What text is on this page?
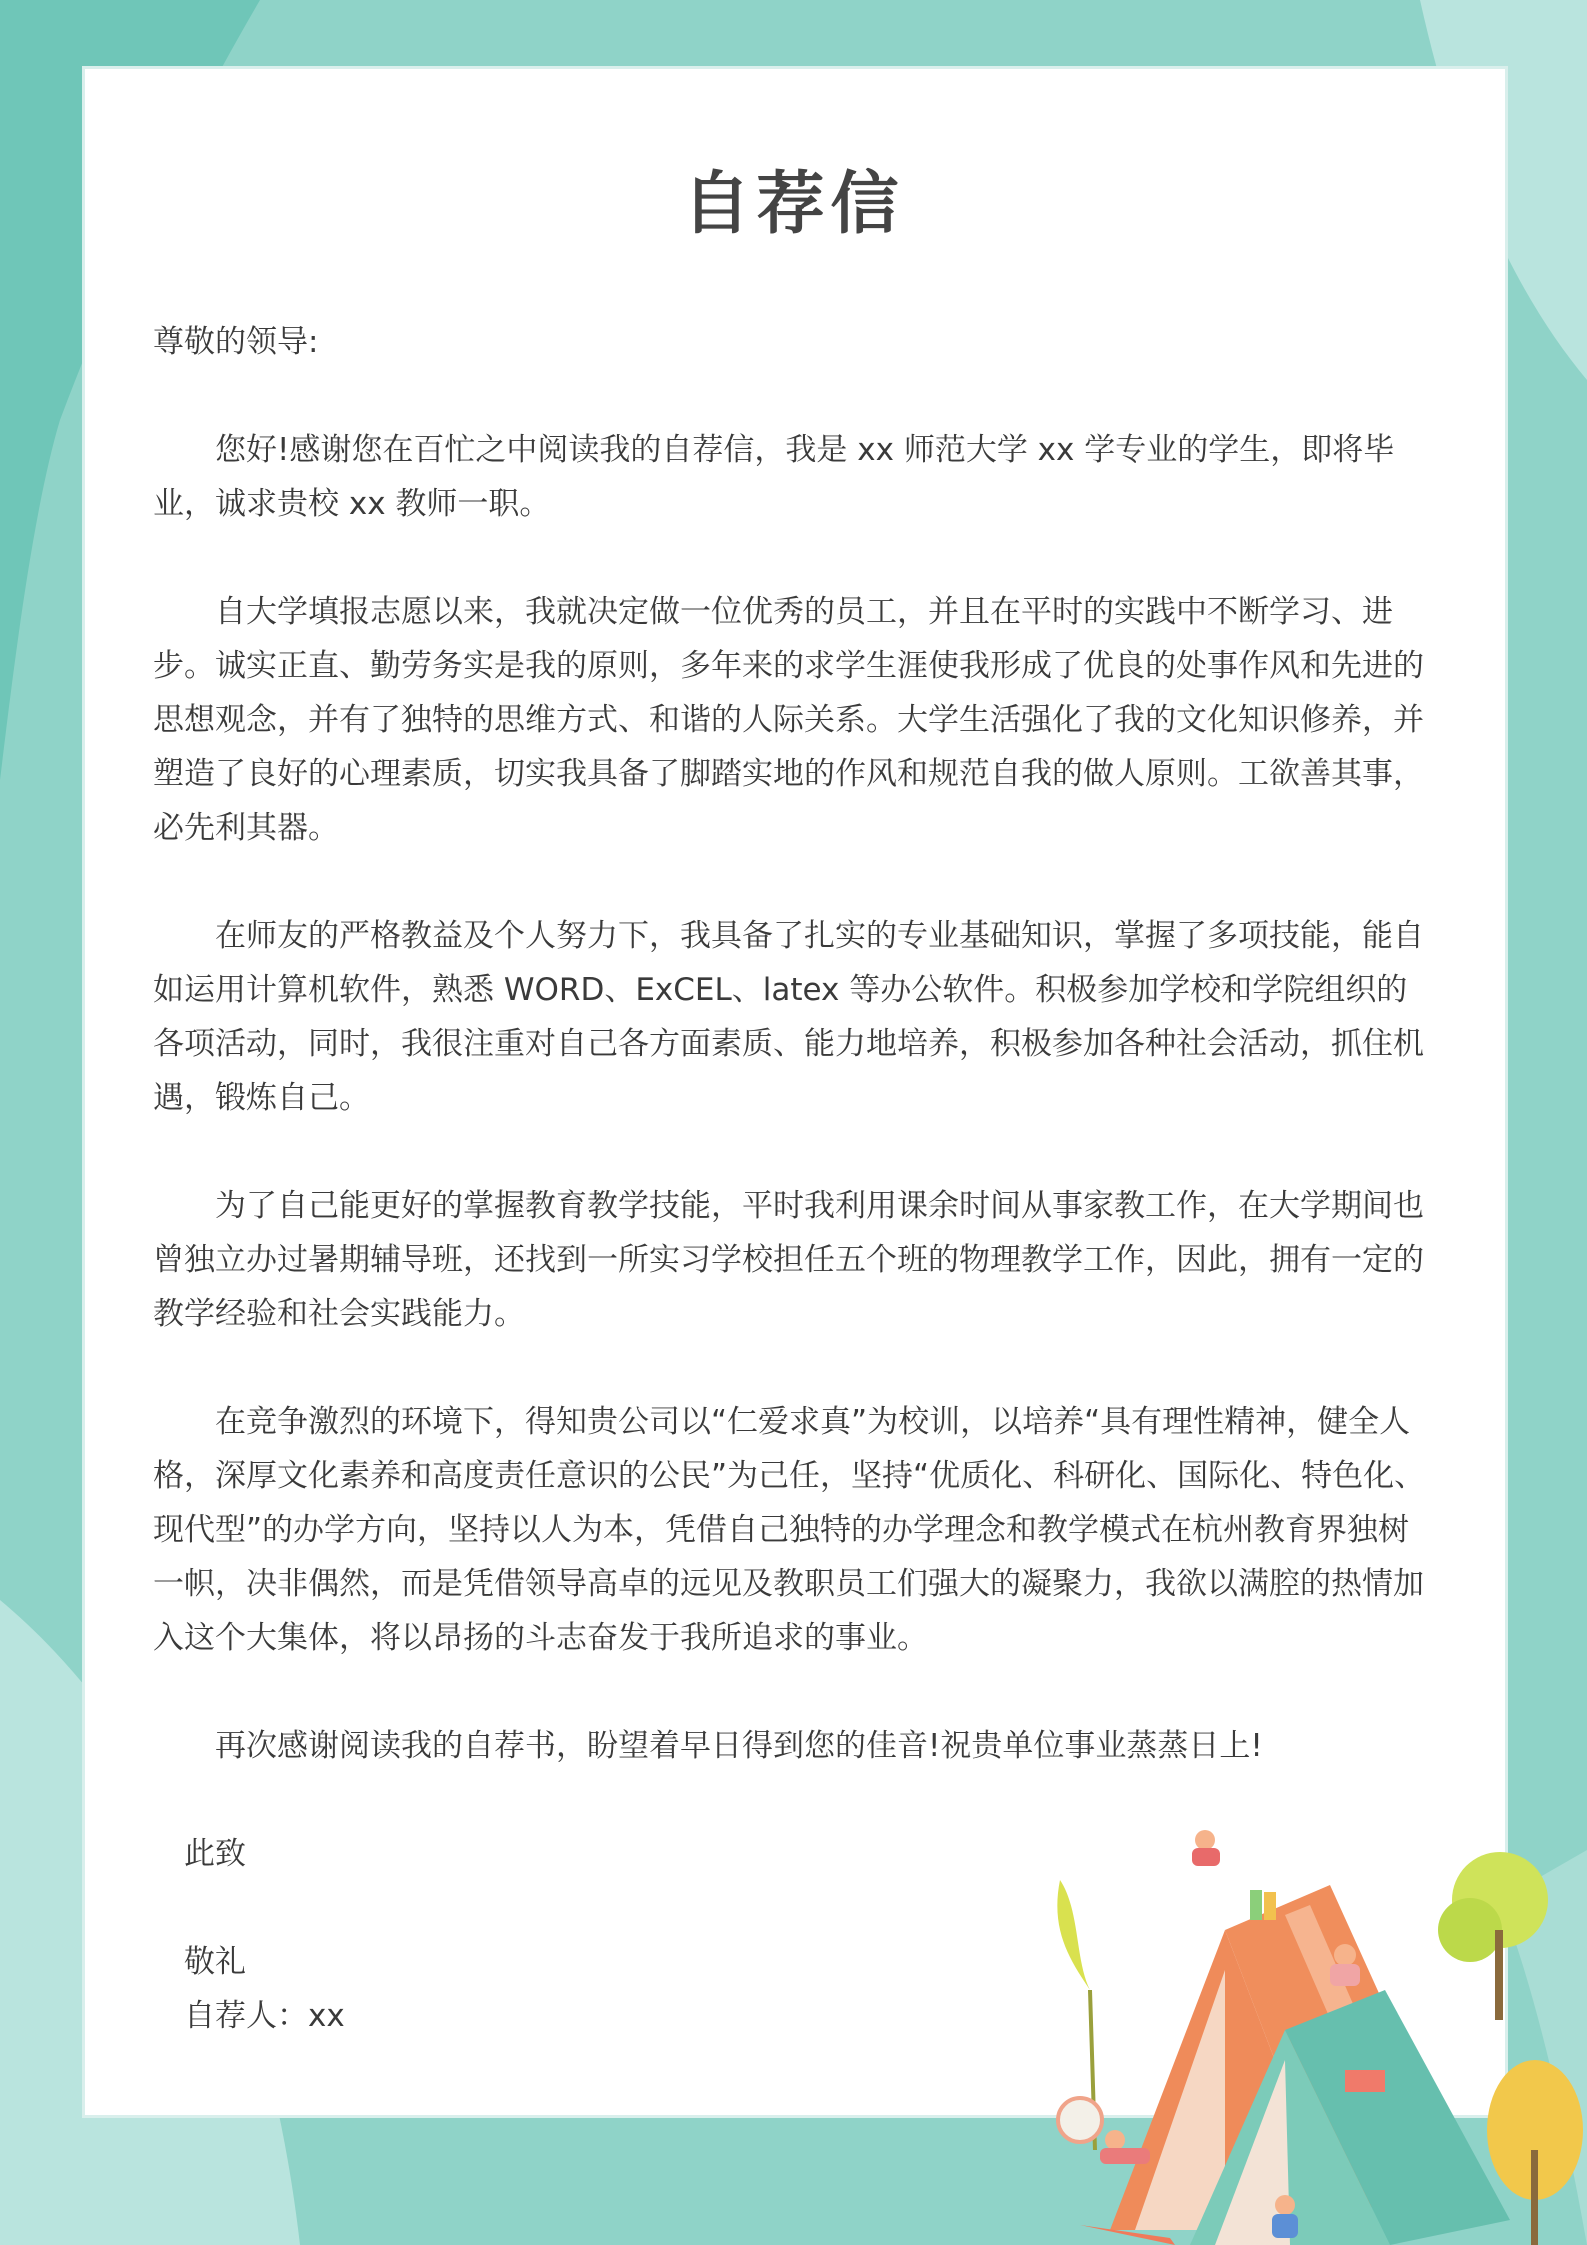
自荐信

尊敬的领导:

您好!感谢您在百忙之中阅读我的自荐信，我是 xx 师范大学 xx 学专业的学生，即将毕业，诚求贵校 xx 教师一职。

自大学填报志愿以来，我就决定做一位优秀的员工，并且在平时的实践中不断学习、进步。诚实正直、勤劳务实是我的原则，多年来的求学生涯使我形成了优良的处事作风和先进的思想观念，并有了独特的思维方式、和谐的人际关系。大学生活强化了我的文化知识修养，并塑造了良好的心理素质，切实我具备了脚踏实地的作风和规范自我的做人原则。工欲善其事，必先利其器。

在师友的严格教益及个人努力下，我具备了扎实的专业基础知识，掌握了多项技能，能自如运用计算机软件，熟悉 WORD、ExCEL、latex 等办公软件。积极参加学校和学院组织的各项活动，同时，我很注重对自己各方面素质、能力地培养，积极参加各种社会活动，抓住机遇，锻炼自己。

为了自己能更好的掌握教育教学技能，平时我利用课余时间从事家教工作，在大学期间也曾独立办过暑期辅导班，还找到一所实习学校担任五个班的物理教学工作，因此，拥有一定的教学经验和社会实践能力。

在竞争激烈的环境下，得知贵公司以“仁爱求真”为校训，以培养“具有理性精神，健全人格，深厚文化素养和高度责任意识的公民”为己任，坚持“优质化、科研化、国际化、特色化、现代型”的办学方向，坚持以人为本，凭借自己独特的办学理念和教学模式在杭州教育界独树一帜，决非偶然，而是凭借领导高卓的远见及教职员工们强大的凝聚力，我欲以满腔的热情加入这个大集体，将以昂扬的斗志奋发于我所追求的事业。

再次感谢阅读我的自荐书，盼望着早日得到您的佳音!祝贵单位事业蒸蒸日上!

此致

敬礼

自荐人：xx
